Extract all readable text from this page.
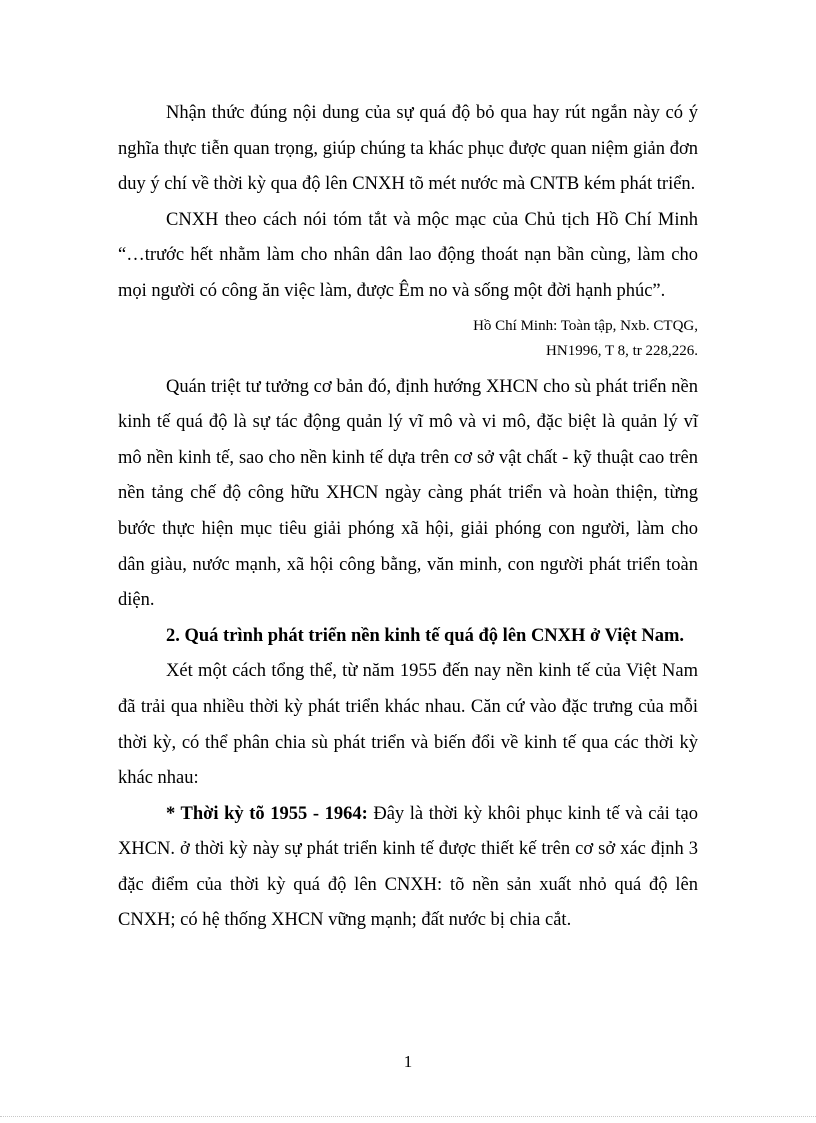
Nhận thức đúng nội dung của sự quá độ bỏ qua hay rút ngắn này có ý nghĩa thực tiễn quan trọng, giúp chúng ta khác phục được quan niệm giản đơn duy ý chí về thời kỳ qua độ lên CNXH tõ mét nước mà CNTB kém phát triển.

CNXH theo cách nói tóm tắt và mộc mạc của Chủ tịch Hồ Chí Minh “…trước hết nhằm làm cho nhân dân lao động thoát nạn bần cùng, làm cho mọi người có công ăn việc làm, được Êm no và sống một đời hạnh phúc”.

Hồ Chí Minh: Toàn tập, Nxb. CTQG,
HN1996, T 8, tr 228,226.

Quán triệt tư tưởng cơ bản đó, định hướng XHCN cho sù phát triển nền kinh tế quá độ là sự tác động quản lý vĩ mô và vi mô, đặc biệt là quản lý vĩ mô nền kinh tế, sao cho nền kinh tế dựa trên cơ sở vật chất - kỹ thuật cao trên nền tảng chế độ công hữu XHCN ngày càng phát triển và hoàn thiện, từng bước thực hiện mục tiêu giải phóng xã hội, giải phóng con người, làm cho dân giàu, nước mạnh, xã hội công bằng, văn minh, con người phát triển toàn diện.

2. Quá trình phát triển nền kinh tế quá độ lên CNXH ở Việt Nam.

Xét một cách tổng thể, từ năm 1955 đến nay nền kinh tế của Việt Nam đã trải qua nhiều thời kỳ phát triển khác nhau. Căn cứ vào đặc trưng của mỗi thời kỳ, có thể phân chia sù phát triển và biến đổi về kinh tế qua các thời kỳ khác nhau:

* Thời kỳ tõ 1955 - 1964: Đây là thời kỳ khôi phục kinh tế và cải tạo XHCN. ở thời kỳ này sự phát triển kinh tế được thiết kế trên cơ sở xác định 3 đặc điểm của thời kỳ quá độ lên CNXH: tõ nền sản xuất nhỏ quá độ lên CNXH; có hệ thống XHCN vững mạnh; đất nước bị chia cắt.

1
